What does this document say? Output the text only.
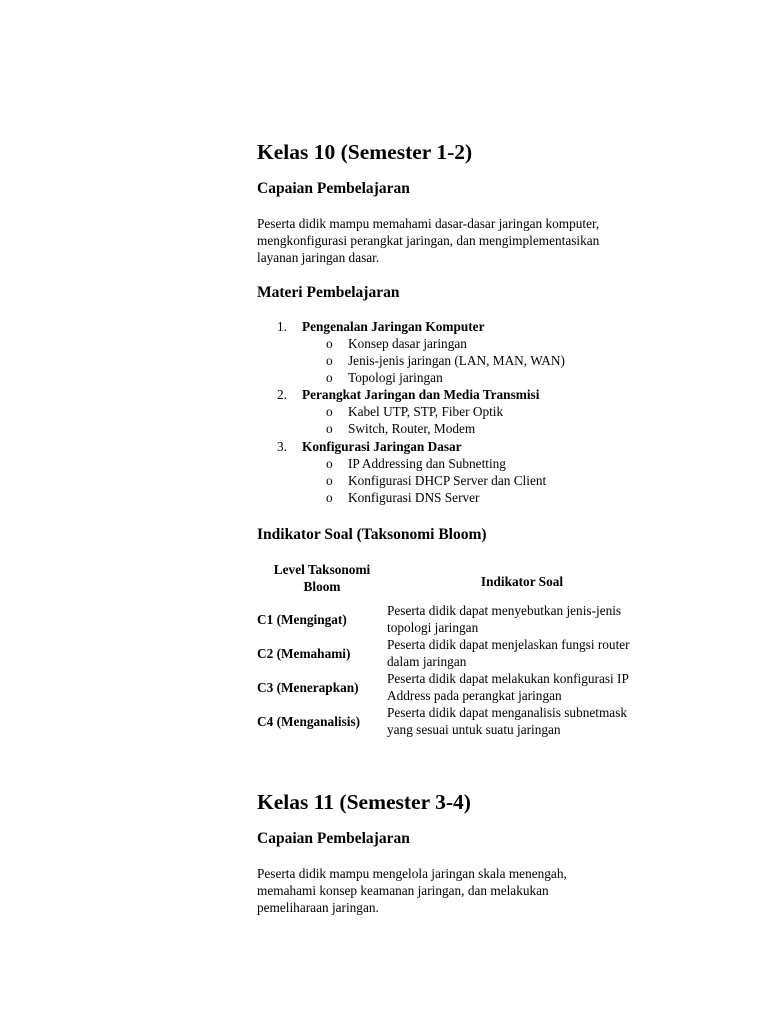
Kelas 10 (Semester 1-2)
Capaian Pembelajaran
Peserta didik mampu memahami dasar-dasar jaringan komputer,
mengkonfigurasi perangkat jaringan, dan mengimplementasikan
layanan jaringan dasar.
Materi Pembelajaran
1.	Pengenalan Jaringan Komputer
o Konsep dasar jaringan
o Jenis-jenis jaringan (LAN, MAN, WAN)
o Topologi jaringan
2.	Perangkat Jaringan dan Media Transmisi
o Kabel UTP, STP, Fiber Optik
o Switch, Router, Modem
3.	Konfigurasi Jaringan Dasar
o IP Addressing dan Subnetting
o Konfigurasi DHCP Server dan Client
o Konfigurasi DNS Server
Indikator Soal (Taksonomi Bloom)
Level Taksonomi Bloom	Indikator Soal
C1 (Mengingat)	Peserta didik dapat menyebutkan jenis-jenis topologi jaringan
C2 (Memahami)	Peserta didik dapat menjelaskan fungsi router dalam jaringan
C3 (Menerapkan)	Peserta didik dapat melakukan konfigurasi IP Address pada perangkat jaringan
C4 (Menganalisis)	Peserta didik dapat menganalisis subnetmask yang sesuai untuk suatu jaringan
Kelas 11 (Semester 3-4)
Capaian Pembelajaran
Peserta didik mampu mengelola jaringan skala menengah,
memahami konsep keamanan jaringan, dan melakukan
pemeliharaan jaringan.
